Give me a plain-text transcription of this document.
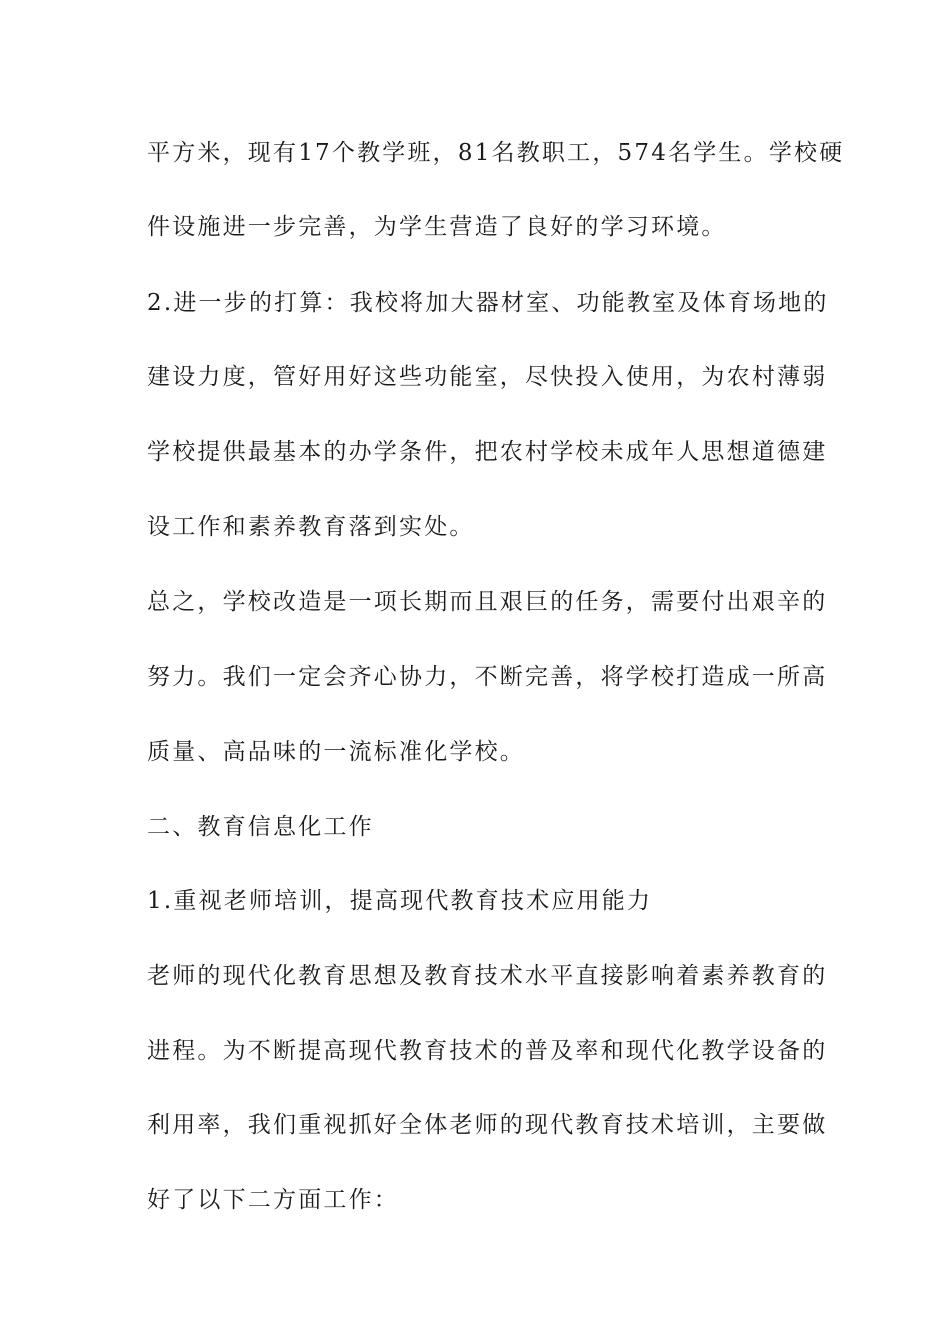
平方米，现有17个教学班，81名教职工，574名学生。学校硬
件设施进一步完善，为学生营造了良好的学习环境。
2.进一步的打算：我校将加大器材室、功能教室及体育场地的
建设力度，管好用好这些功能室，尽快投入使用，为农村薄弱
学校提供最基本的办学条件，把农村学校未成年人思想道德建
设工作和素养教育落到实处。
总之，学校改造是一项长期而且艰巨的任务，需要付出艰辛的
努力。我们一定会齐心协力，不断完善，将学校打造成一所高
质量、高品味的一流标准化学校。
二、教育信息化工作
1.重视老师培训，提高现代教育技术应用能力
老师的现代化教育思想及教育技术水平直接影响着素养教育的
进程。为不断提高现代教育技术的普及率和现代化教学设备的
利用率，我们重视抓好全体老师的现代教育技术培训，主要做
好了以下二方面工作：
